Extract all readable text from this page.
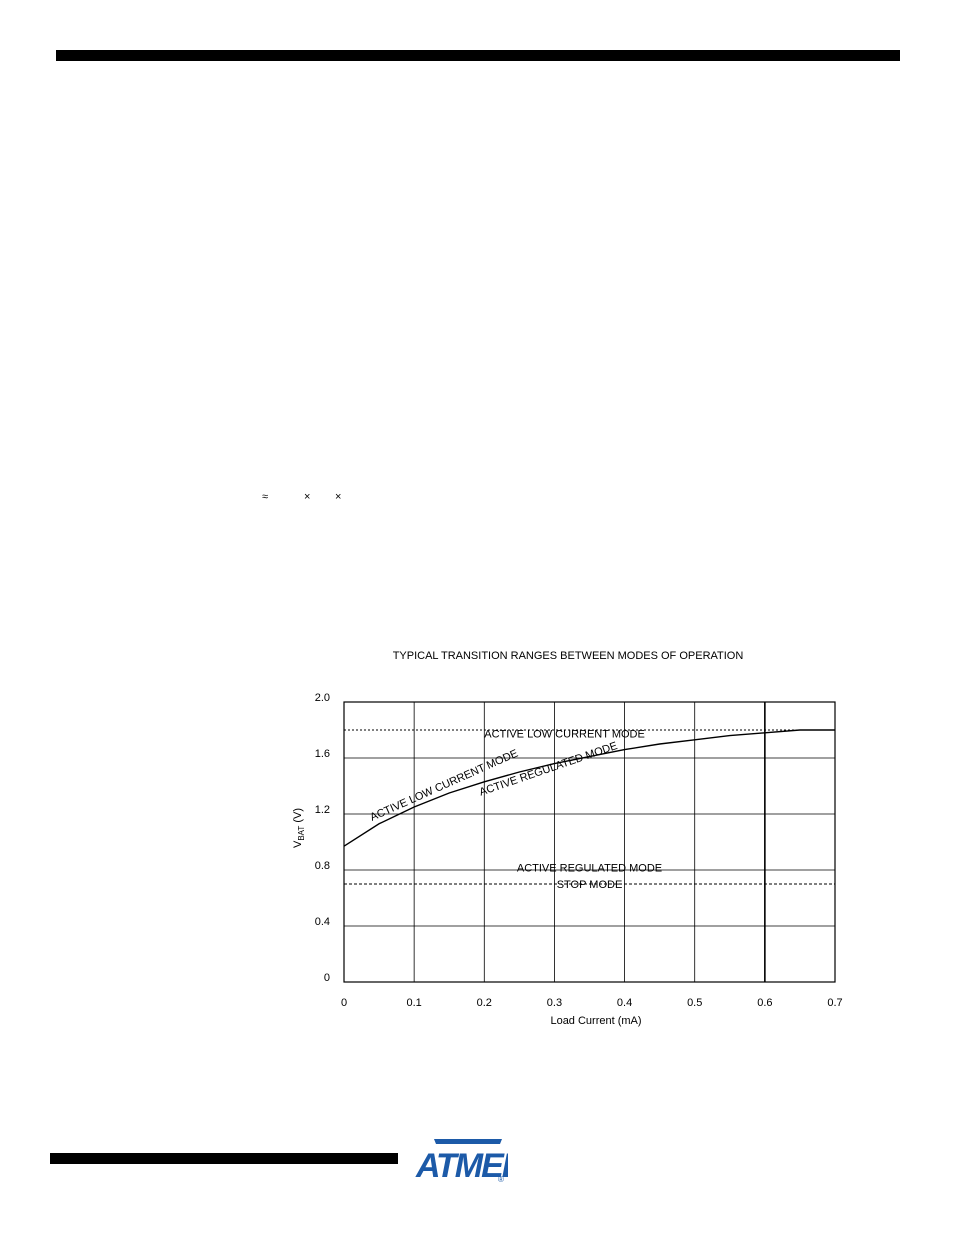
≈	× ×
TYPICAL TRANSITION RANGES BETWEEN MODES OF OPERATION
0	0.1	0.2	0.3	0.4	0.5	0.6	0.7
0
0.4
0.8
1.2
1.6
2.0
ACTIVE LOW CURRENT MODE
ACTIVE REGULATED MODE
STOP MODE
ACTIVE LOW CURRENT MODE
ACTIVE REGULATED MODE
Load Current (mA)
$V_{BAT}$ (V)
ATME
®
